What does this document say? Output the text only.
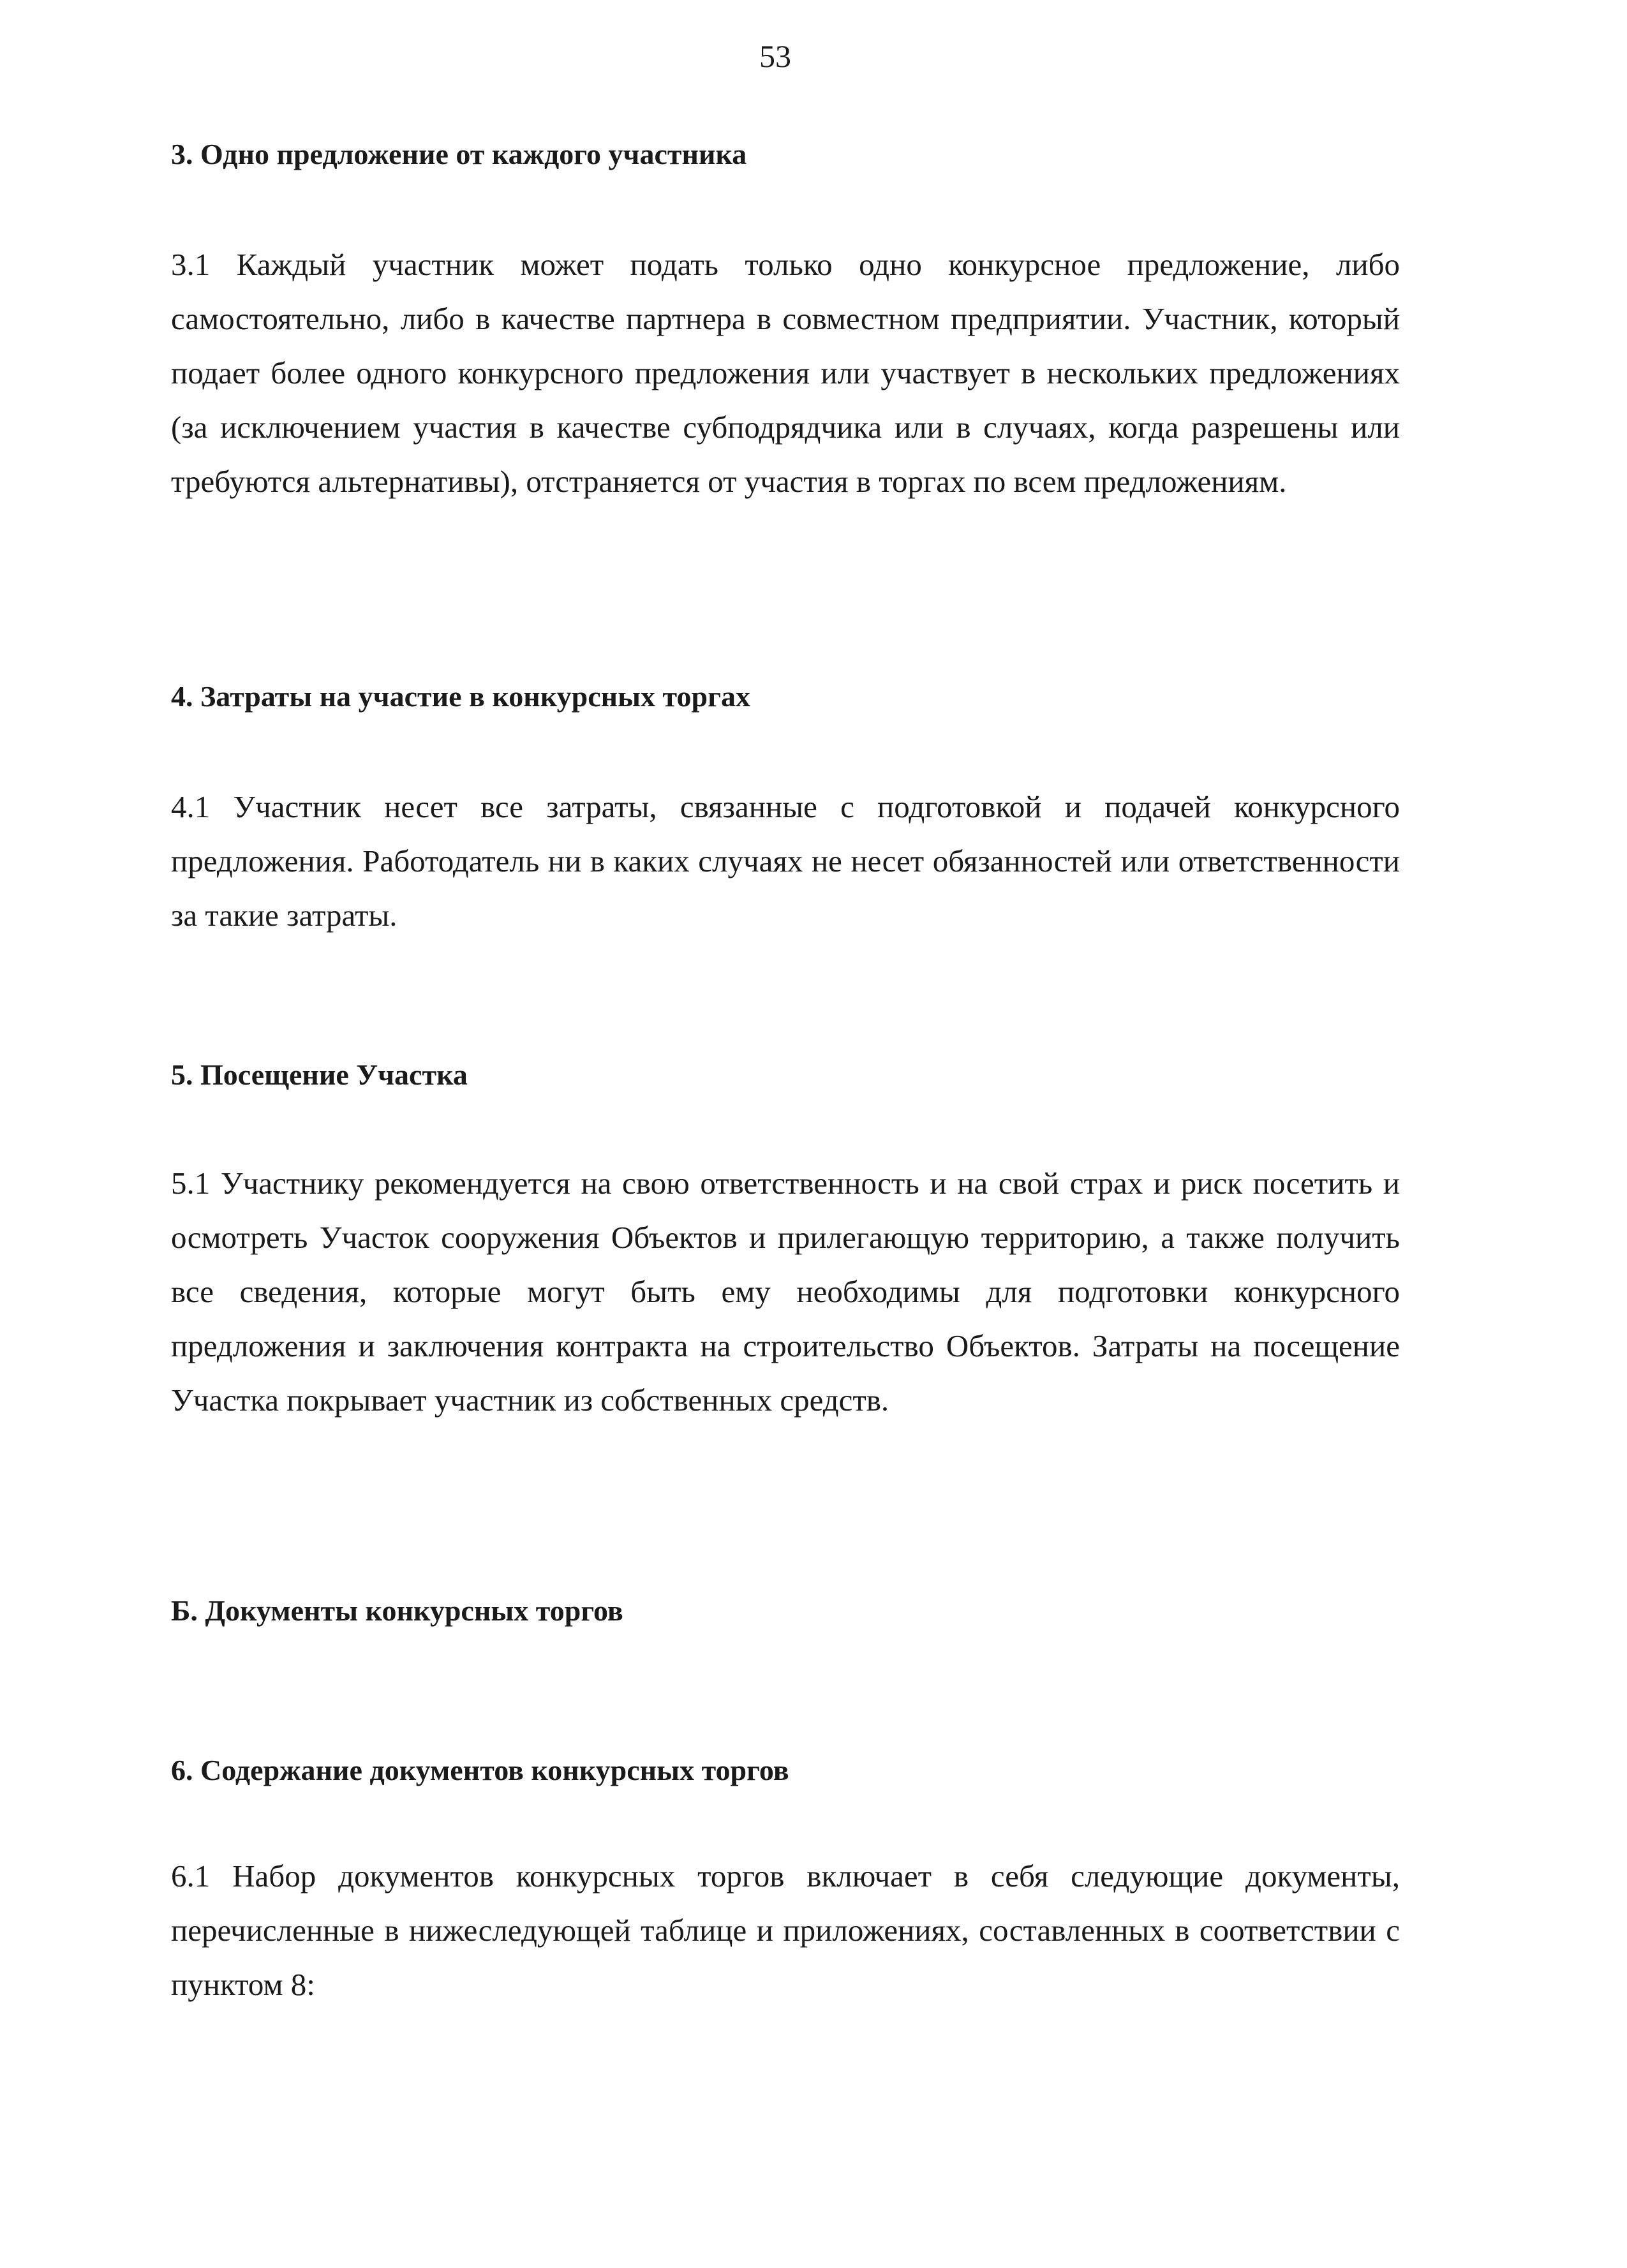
53
3. Одно предложение от каждого участника

3.1 Каждый участник может подать только одно конкурсное предложение, либо самостоятельно, либо в качестве партнера в совместном предприятии. Участник, который подает более одного конкурсного предложения или участвует в нескольких предложениях (за исключением участия в качестве субподрядчика или в случаях, когда разрешены или требуются альтернативы), отстраняется от участия в торгах по всем предложениям.

4. Затраты на участие в конкурсных торгах

4.1 Участник несет все затраты, связанные с подготовкой и подачей конкурсного предложения. Работодатель ни в каких случаях не несет обязанностей или ответственности за такие затраты.

5. Посещение Участка

5.1 Участнику рекомендуется на свою ответственность и на свой страх и риск посетить и осмотреть Участок сооружения Объектов и прилегающую территорию, а также получить все сведения, которые могут быть ему необходимы для подготовки конкурсного предложения и заключения контракта на строительство Объектов. Затраты на посещение Участка покрывает участник из собственных средств.

Б. Документы конкурсных торгов
6. Содержание документов конкурсных торгов

6.1 Набор документов конкурсных торгов включает в себя следующие документы, перечисленные в нижеследующей таблице и приложениях, составленных в соответствии с пунктом 8:
